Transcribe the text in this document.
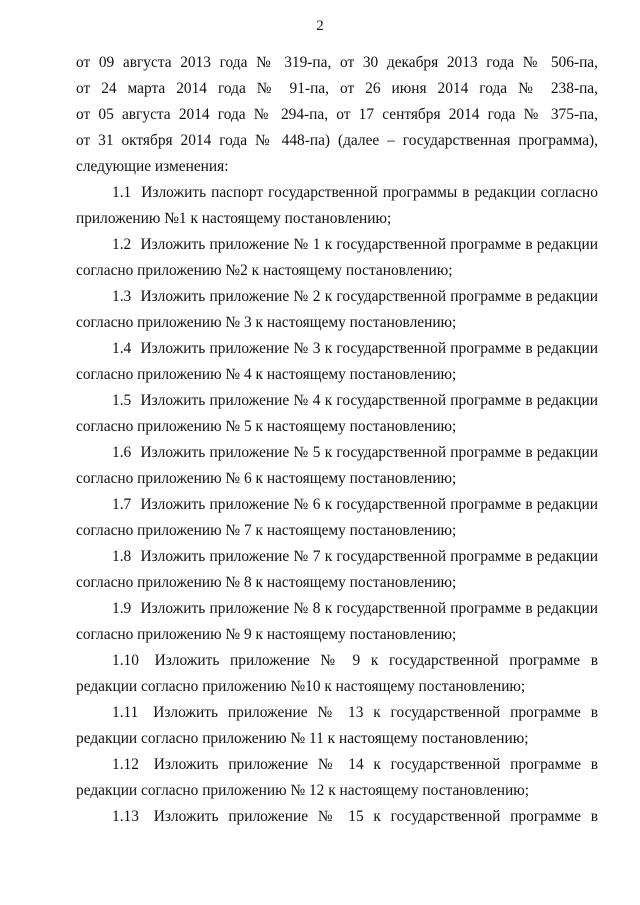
2
от 09 августа 2013 года № 319-па, от 30 декабря 2013 года № 506-па,
от 24 марта 2014 года № 91-па, от 26 июня 2014 года № 238-па,
от 05 августа 2014 года № 294-па, от 17 сентября 2014 года № 375-па,
от 31 октября 2014 года № 448-па) (далее – государственная программа),
следующие изменения:
1.1 Изложить паспорт государственной программы в редакции согласно
приложению №1 к настоящему постановлению;
1.2 Изложить приложение № 1 к государственной программе в редакции
согласно приложению №2 к настоящему постановлению;
1.3 Изложить приложение № 2 к государственной программе в редакции
согласно приложению № 3 к настоящему постановлению;
1.4 Изложить приложение № 3 к государственной программе в редакции
согласно приложению № 4 к настоящему постановлению;
1.5 Изложить приложение № 4 к государственной программе в редакции
согласно приложению № 5 к настоящему постановлению;
1.6 Изложить приложение № 5 к государственной программе в редакции
согласно приложению № 6 к настоящему постановлению;
1.7 Изложить приложение № 6 к государственной программе в редакции
согласно приложению № 7 к настоящему постановлению;
1.8 Изложить приложение № 7 к государственной программе в редакции
согласно приложению № 8 к настоящему постановлению;
1.9 Изложить приложение № 8 к государственной программе в редакции
согласно приложению № 9 к настоящему постановлению;
1.10 Изложить приложение № 9 к государственной программе в
редакции согласно приложению №10 к настоящему постановлению;
1.11 Изложить приложение № 13 к государственной программе в
редакции согласно приложению № 11 к настоящему постановлению;
1.12 Изложить приложение № 14 к государственной программе в
редакции согласно приложению № 12 к настоящему постановлению;
1.13 Изложить приложение № 15 к государственной программе в
